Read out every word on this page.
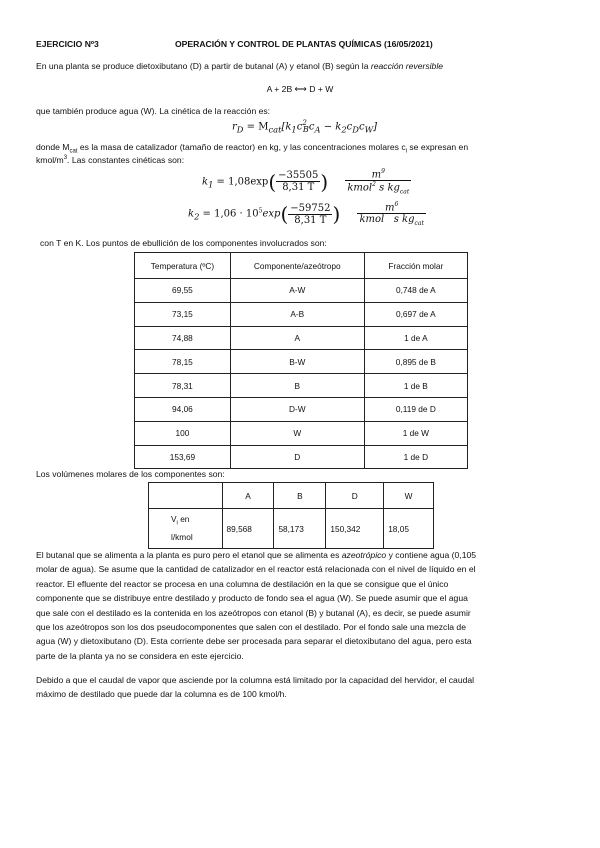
EJERCICIO Nº3	OPERACIÓN Y CONTROL DE PLANTAS QUÍMICAS (16/05/2021)
En una planta se produce dietoxibutano (D) a partir de butanal (A) y etanol (B) según la reacción reversible
A + 2B ⟷ D + W
que también produce agua (W). La cinética de la reacción es:
$r_D = M_{cat}[k_1c^2_Bc_A - k_2c_Dc_W]$
donde $M_{cat}$ es la masa de catalizador (tamaño de reactor) en kg, y las concentraciones molares $c_i$ se expresan en
kmol/$m^3$. Las constantes cinéticas son:
$k_1 = 1,08\exp( \frac{-35505}{8,31 T}$ ) $\frac{m^9}{kmol^2 s kg_{cat}}$
$k_2 = 1,06 \cdot 10^5\exp( \frac{-59752}{8,31 T}$ ) $\frac{m^6}{kmol s kg_{cat}}$
con T en K. Los puntos de ebullición de los componentes involucrados son:
Temperatura (ºC)	Componente/azeótropo	Fracción molar
69,55	A-W	0,748 de A
73,15	A-B	0,697 de A
74,88	A	1 de A
78,15	B-W	0,895 de B
78,31	B	1 de B
94,06	D-W	0,119 de D
100	W	1 de W
153,69	D	1 de D
Los volúmenes molares de los componentes son:
	A	B	D	W
$V_i$ en
l/kmol	89,568	58,173	150,342	18,05
El butanal que se alimenta a la planta es puro pero el etanol que se alimenta es azeotrópico y contiene agua (0,105
molar de agua). Se asume que la cantidad de catalizador en el reactor está relacionada con el nivel de líquido en el
reactor. El efluente del reactor se procesa en una columna de destilación en la que se consigue que el único
componente que se distribuye entre destilado y producto de fondo sea el agua (W). Se puede asumir que el agua
que sale con el destilado es la contenida en los azeótropos con etanol (B) y butanal (A), es decir, se puede asumir
que los azeótropos son los dos pseudocomponentes que salen con el destilado. Por el fondo sale una mezcla de
agua (W) y dietoxibutano (D). Esta corriente debe ser procesada para separar el dietoxibutano del agua, pero esta
parte de la planta ya no se considera en este ejercicio.
Debido a que el caudal de vapor que asciende por la columna está limitado por la capacidad del hervidor, el caudal
máximo de destilado que puede dar la columna es de 100 kmol/h.
